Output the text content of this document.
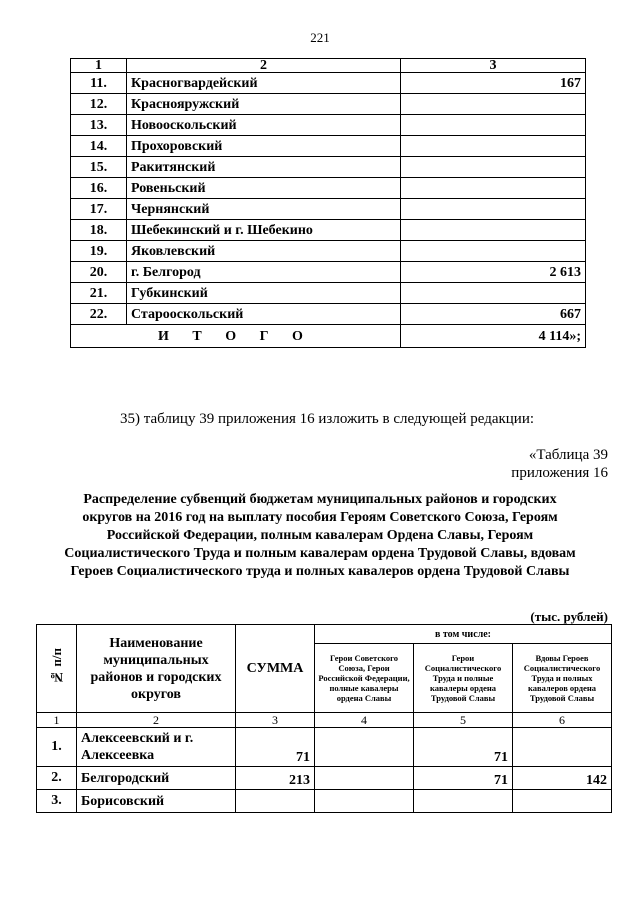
221
1	2	3
11.	Красногвардейский	167
12.	Краснояружский	
13.	Новооскольский	
14.	Прохоровский	
15.	Ракитянский	
16.	Ровеньский	
17.	Чернянский	
18.	Шебекинский и г. Шебекино	
19.	Яковлевский	
20.	г. Белгород	2 613
21.	Губкинский	
22.	Старооскольский	667
И Т О Г О		4 114»;
35) таблицу 39 приложения 16 изложить в следующей редакции:
«Таблица 39
приложения 16
Распределение субвенций бюджетам муниципальных районов и городских округов на 2016 год на выплату пособия Героям Советского Союза, Героям Российской Федерации, полным кавалерам Ордена Славы, Героям Социалистического Труда и полным кавалерам ордена Трудовой Славы, вдовам Героев Социалистического труда и полных кавалеров ордена Трудовой Славы
(тыс. рублей)
№ п/п	Наименование муниципальных районов и городских округов	СУММА	в том числе:		
			Герои Советского Союза, Герои Российской Федерации, полные кавалеры ордена Славы	Герои Социалистического Труда и полные кавалеры ордена Трудовой Славы	Вдовы Героев Социалистического Труда и полных кавалеров ордена Трудовой Славы
1	2	3	4	5	6
1.	Алексеевский и г. Алексеевка	71		71	
2.	Белгородский	213		71	142
3.	Борисовский				
